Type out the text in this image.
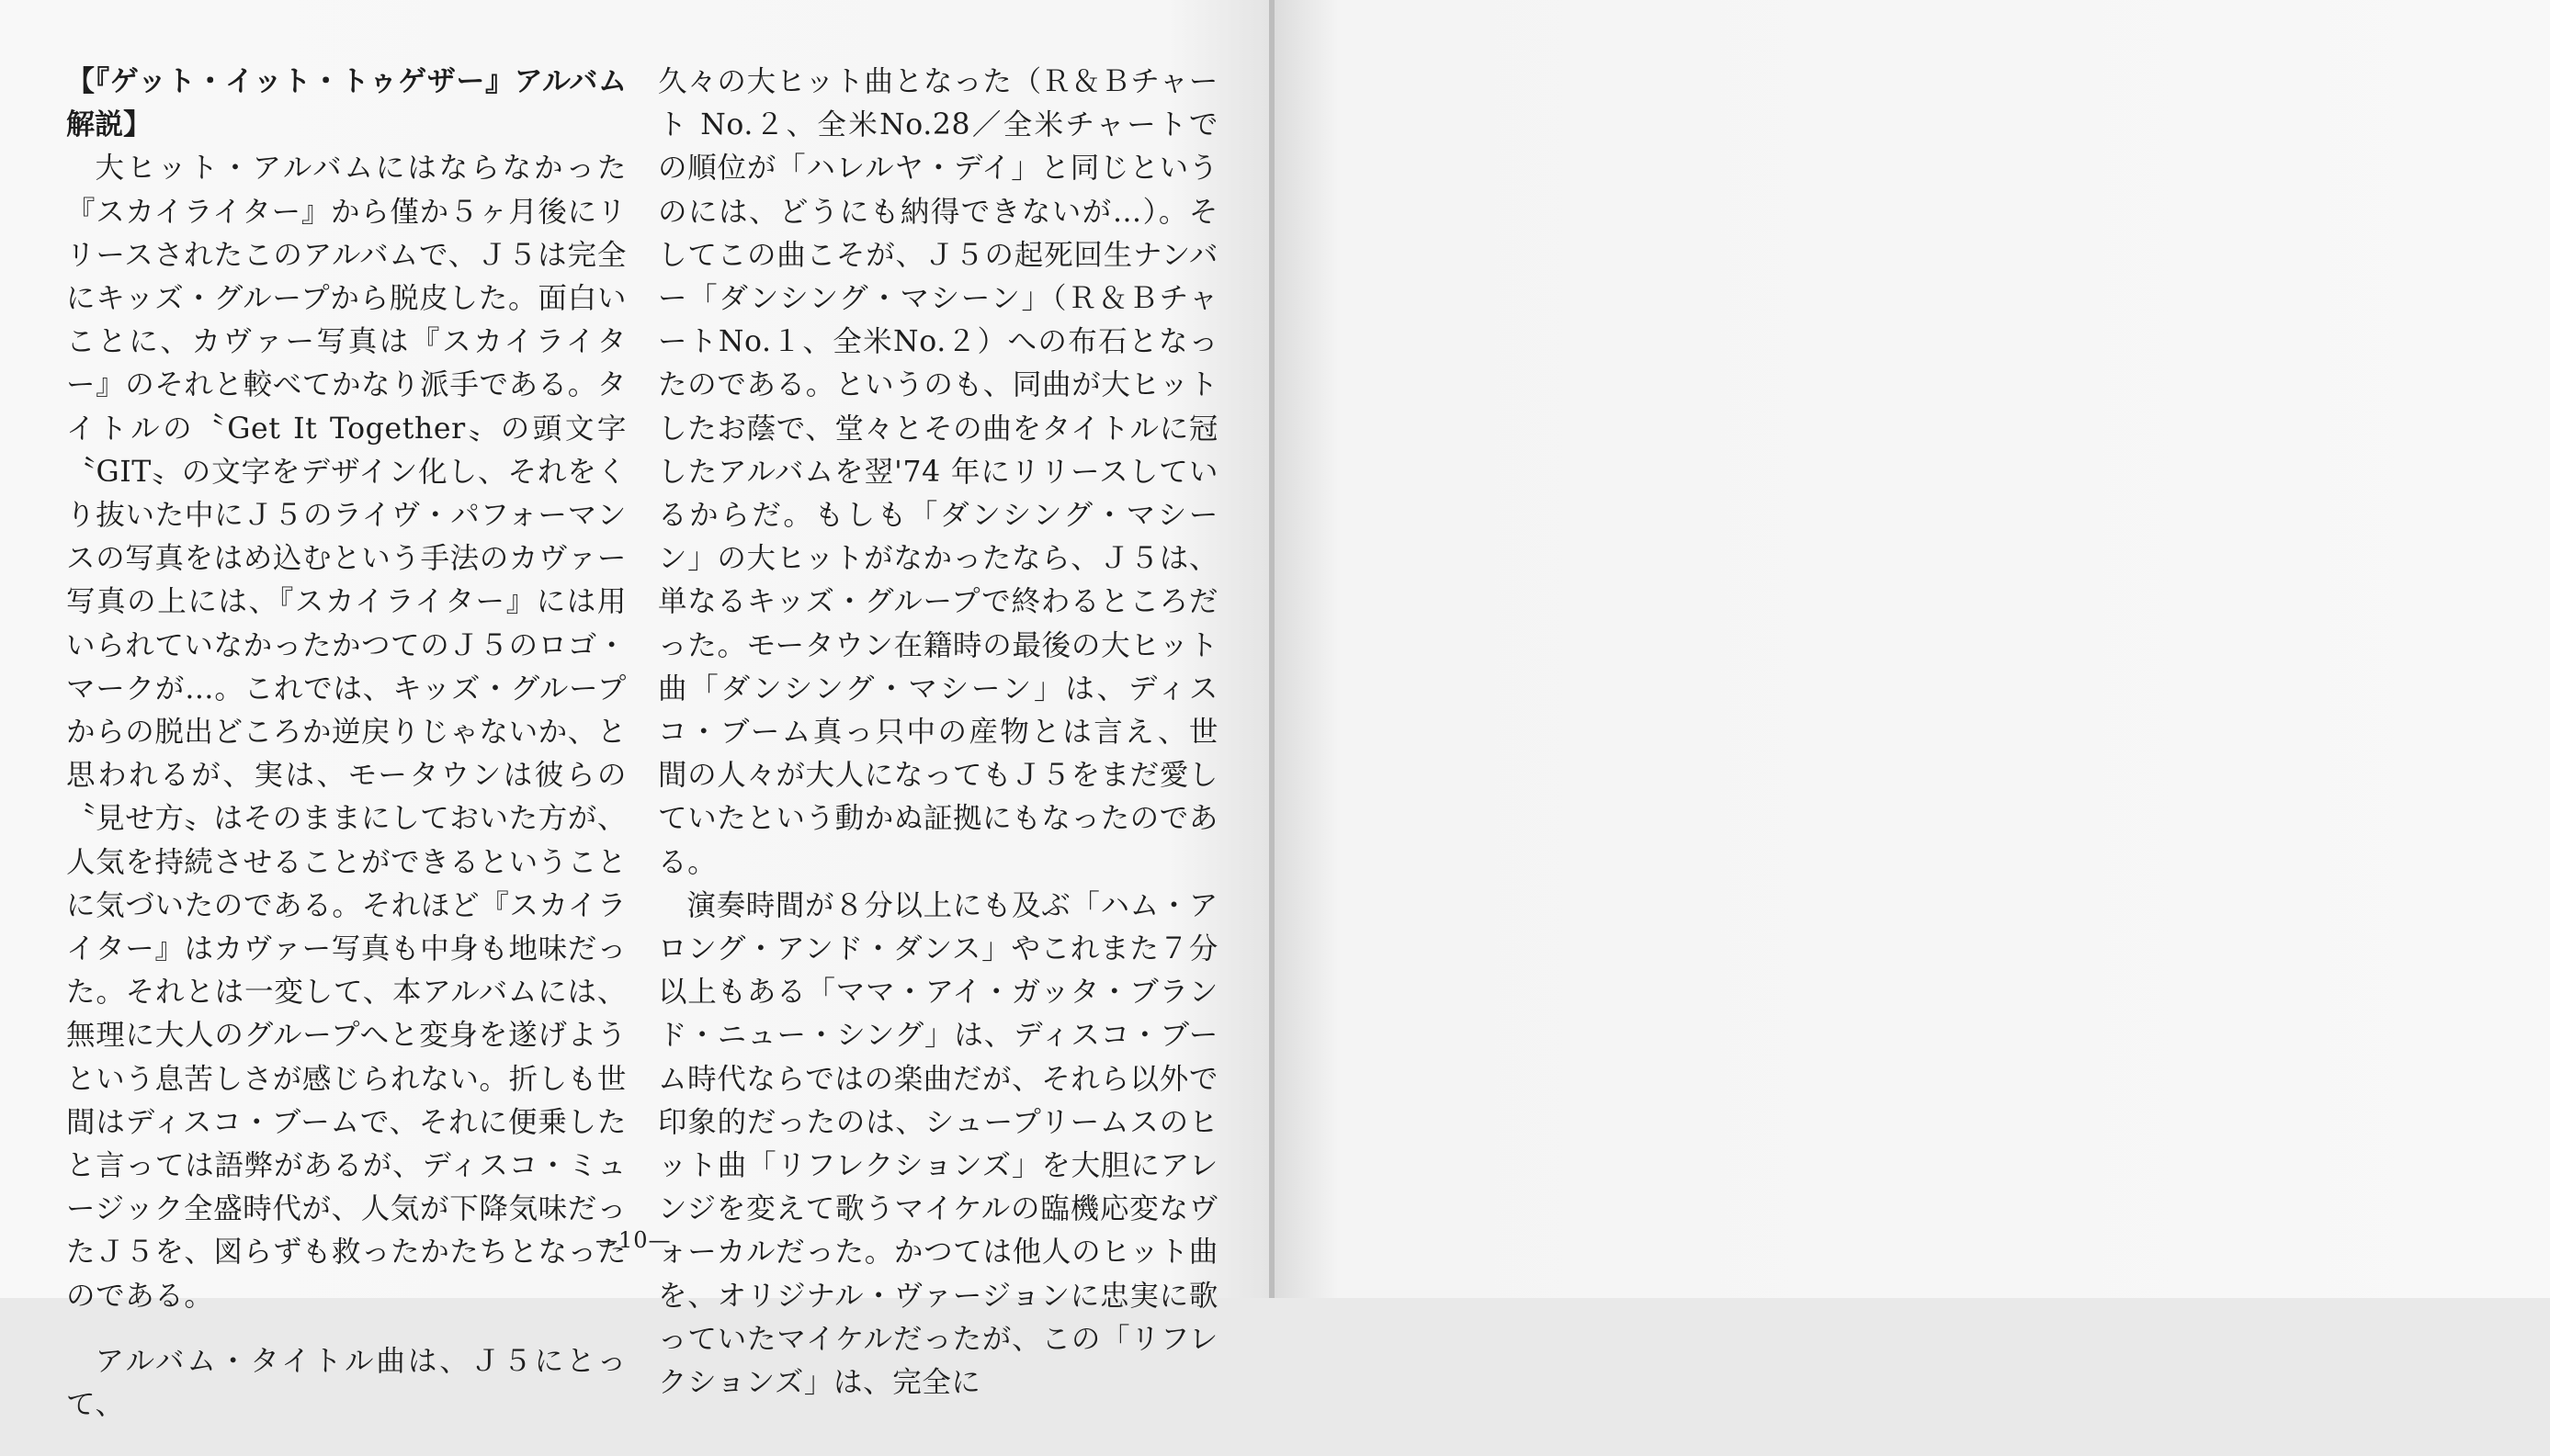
【『ゲット・イット・トゥゲザー』アルバム解説】

大ヒット・アルバムにはならなかった『スカイライター』から僅か５ヶ月後にリリースされたこのアルバムで、Ｊ５は完全にキッズ・グループから脱皮した。面白いことに、カヴァー写真は『スカイライター』のそれと較べてかなり派手である。タイトルの〝Get It Together〟の頭文字〝GIT〟の文字をデザイン化し、それをくり抜いた中にＪ５のライヴ・パフォーマンスの写真をはめ込むという手法のカヴァー写真の上には、『スカイライター』には用いられていなかったかつてのＪ５のロゴ・マークが…。これでは、キッズ・グループからの脱出どころか逆戻りじゃないか、と思われるが、実は、モータウンは彼らの〝見せ方〟はそのままにしておいた方が、人気を持続させることができるということに気づいたのである。それほど『スカイライター』はカヴァー写真も中身も地味だった。それとは一変して、本アルバムには、無理に大人のグループへと変身を遂げようという息苦しさが感じられない。折しも世間はディスコ・ブームで、それに便乗したと言っては語弊があるが、ディスコ・ミュージック全盛時代が、人気が下降気味だったＪ５を、図らずも救ったかたちとなったのである。

アルバム・タイトル曲は、Ｊ５にとって、

久々の大ヒット曲となった（Ｒ＆Ｂチャート No.２、全米No.28／全米チャートでの順位が「ハレルヤ・デイ」と同じというのには、どうにも納得できないが…）。そしてこの曲こそが、Ｊ５の起死回生ナンバー「ダンシング・マシーン」（Ｒ＆ＢチャートNo.１、全米No.２）への布石となったのである。というのも、同曲が大ヒットしたお蔭で、堂々とその曲をタイトルに冠したアルバムを翌'74 年にリリースしているからだ。もしも「ダンシング・マシーン」の大ヒットがなかったなら、Ｊ５は、単なるキッズ・グループで終わるところだった。モータウン在籍時の最後の大ヒット曲「ダンシング・マシーン」は、ディスコ・ブーム真っ只中の産物とは言え、世間の人々が大人になってもＪ５をまだ愛していたという動かぬ証拠にもなったのである。

演奏時間が８分以上にも及ぶ「ハム・アロング・アンド・ダンス」やこれまた７分以上もある「ママ・アイ・ガッタ・ブランド・ニュー・シング」は、ディスコ・ブーム時代ならではの楽曲だが、それら以外で印象的だったのは、シュープリームスのヒット曲「リフレクションズ」を大胆にアレンジを変えて歌うマイケルの臨機応変なヴォーカルだった。かつては他人のヒット曲を、オリジナル・ヴァージョンに忠実に歌っていたマイケルだったが、この「リフレクションズ」は、完全に

—10—
